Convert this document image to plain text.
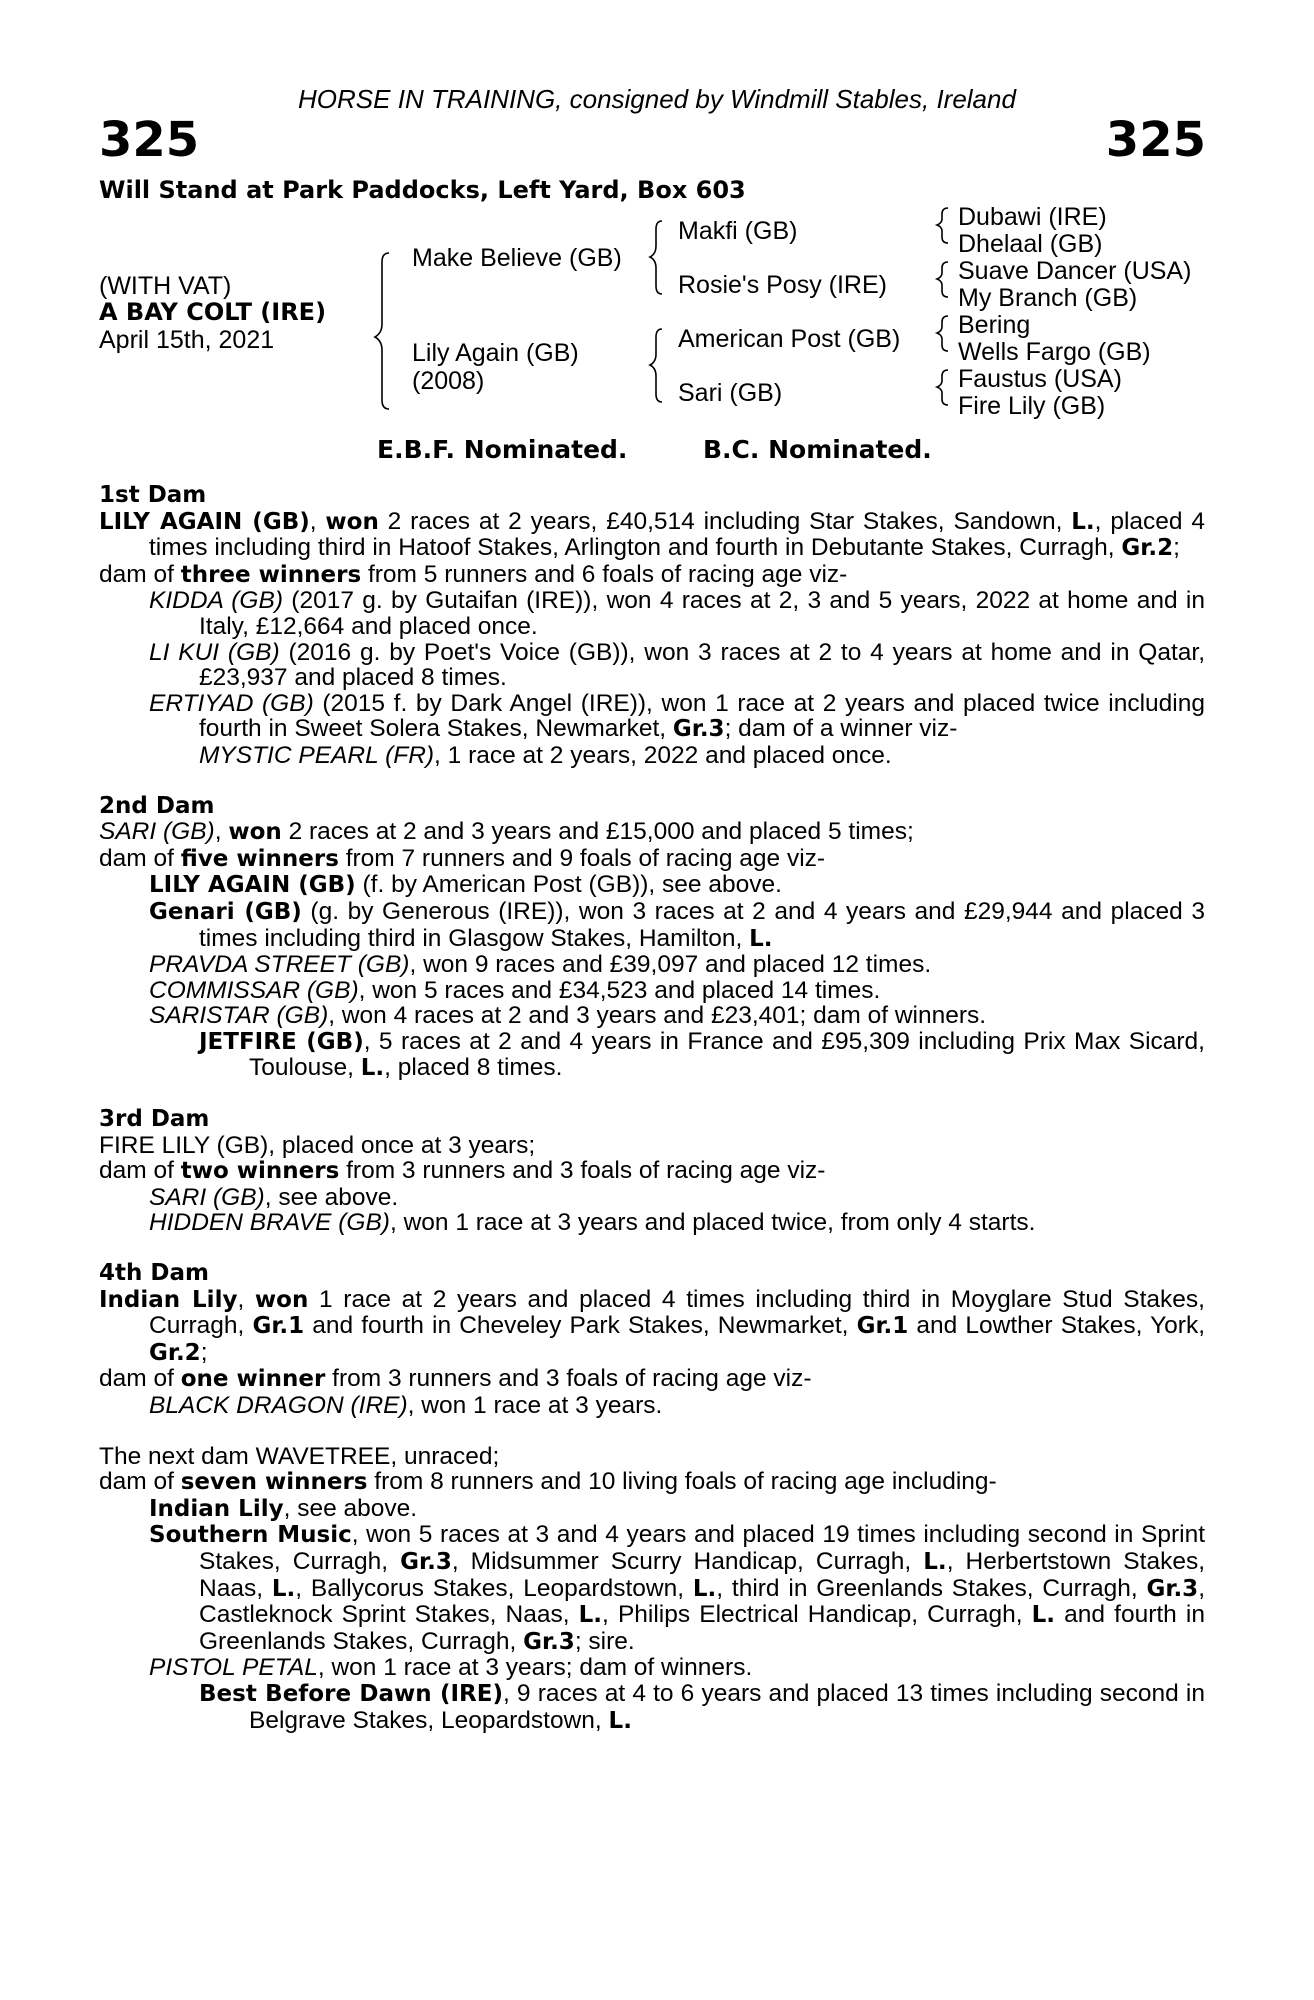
HORSE IN TRAINING, consigned by Windmill Stables, Ireland
325	325
Will Stand at Park Paddocks, Left Yard, Box 603
(WITH VAT)
A BAY COLT (IRE)
April 15th, 2021
Make Believe (GB)
Lily Again (GB)
(2008)
Makfi (GB)
Rosie's Posy (IRE)
American Post (GB)
Sari (GB)
Dubawi (IRE)
Dhelaal (GB)
Suave Dancer (USA)
My Branch (GB)
Bering
Wells Fargo (GB)
Faustus (USA)
Fire Lily (GB)
E.B.F. Nominated.	B.C. Nominated.
1st Dam
LILY AGAIN (GB), won 2 races at 2 years, £40,514 including Star Stakes, Sandown, L., placed 4 times including third in Hatoof Stakes, Arlington and fourth in Debutante Stakes, Curragh, Gr.2;
dam of three winners from 5 runners and 6 foals of racing age viz-
KIDDA (GB) (2017 g. by Gutaifan (IRE)), won 4 races at 2, 3 and 5 years, 2022 at home and in Italy, £12,664 and placed once.
LI KUI (GB) (2016 g. by Poet's Voice (GB)), won 3 races at 2 to 4 years at home and in Qatar, £23,937 and placed 8 times.
ERTIYAD (GB) (2015 f. by Dark Angel (IRE)), won 1 race at 2 years and placed twice including fourth in Sweet Solera Stakes, Newmarket, Gr.3; dam of a winner viz-
MYSTIC PEARL (FR), 1 race at 2 years, 2022 and placed once.
2nd Dam
SARI (GB), won 2 races at 2 and 3 years and £15,000 and placed 5 times;
dam of five winners from 7 runners and 9 foals of racing age viz-
LILY AGAIN (GB) (f. by American Post (GB)), see above.
Genari (GB) (g. by Generous (IRE)), won 3 races at 2 and 4 years and £29,944 and placed 3 times including third in Glasgow Stakes, Hamilton, L.
PRAVDA STREET (GB), won 9 races and £39,097 and placed 12 times.
COMMISSAR (GB), won 5 races and £34,523 and placed 14 times.
SARISTAR (GB), won 4 races at 2 and 3 years and £23,401; dam of winners.
JETFIRE (GB), 5 races at 2 and 4 years in France and £95,309 including Prix Max Sicard, Toulouse, L., placed 8 times.
3rd Dam
FIRE LILY (GB), placed once at 3 years;
dam of two winners from 3 runners and 3 foals of racing age viz-
SARI (GB), see above.
HIDDEN BRAVE (GB), won 1 race at 3 years and placed twice, from only 4 starts.
4th Dam
Indian Lily, won 1 race at 2 years and placed 4 times including third in Moyglare Stud Stakes, Curragh, Gr.1 and fourth in Cheveley Park Stakes, Newmarket, Gr.1 and Lowther Stakes, York, Gr.2;
dam of one winner from 3 runners and 3 foals of racing age viz-
BLACK DRAGON (IRE), won 1 race at 3 years.
The next dam WAVETREE, unraced;
dam of seven winners from 8 runners and 10 living foals of racing age including-
Indian Lily, see above.
Southern Music, won 5 races at 3 and 4 years and placed 19 times including second in Sprint Stakes, Curragh, Gr.3, Midsummer Scurry Handicap, Curragh, L., Herbertstown Stakes, Naas, L., Ballycorus Stakes, Leopardstown, L., third in Greenlands Stakes, Curragh, Gr.3, Castleknock Sprint Stakes, Naas, L., Philips Electrical Handicap, Curragh, L. and fourth in Greenlands Stakes, Curragh, Gr.3; sire.
PISTOL PETAL, won 1 race at 3 years; dam of winners.
Best Before Dawn (IRE), 9 races at 4 to 6 years and placed 13 times including second in Belgrave Stakes, Leopardstown, L.
